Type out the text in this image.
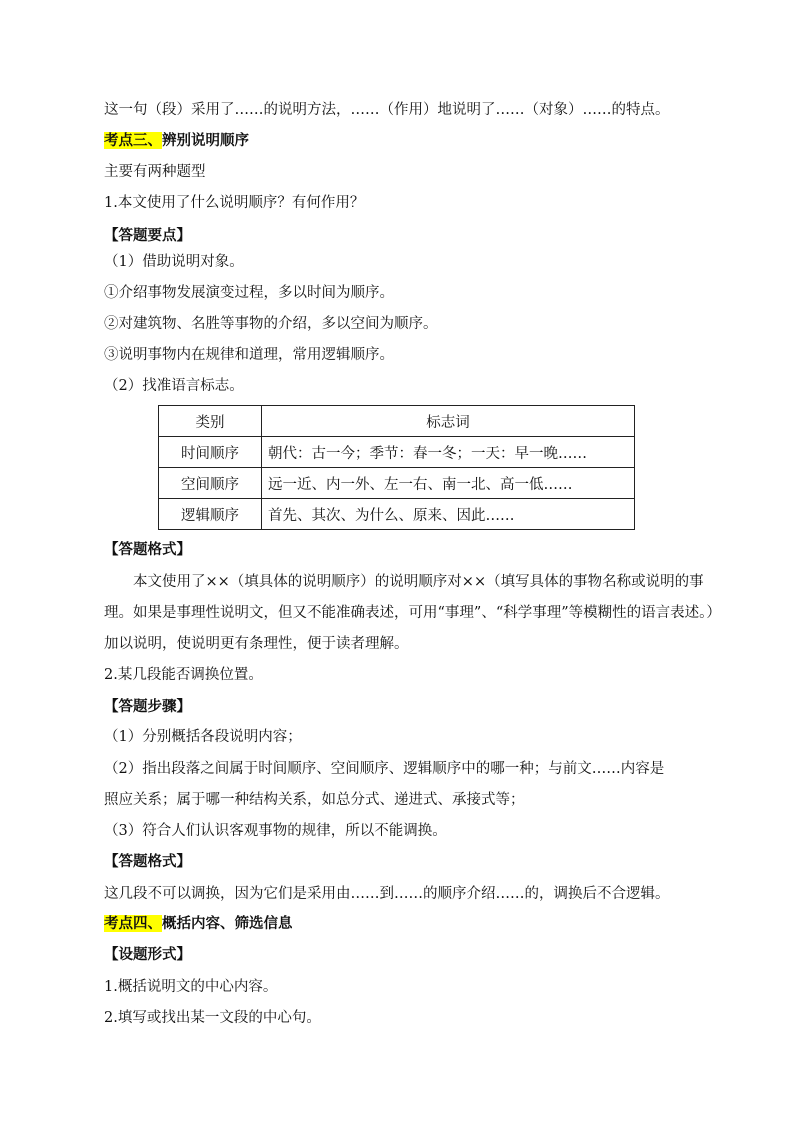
这一句（段）采用了……的说明方法，……（作用）地说明了……（对象）……的特点。
考点三、辨别说明顺序
主要有两种题型
1.本文使用了什么说明顺序？有何作用？
【答题要点】
（1）借助说明对象。
①介绍事物发展演变过程，多以时间为顺序。
②对建筑物、名胜等事物的介绍，多以空间为顺序。
③说明事物内在规律和道理，常用逻辑顺序。
（2）找准语言标志。
类别	标志词
时间顺序	朝代：古一今；季节：春一冬；一天：早一晚……
空间顺序	远一近、内一外、左一右、南一北、高一低……
逻辑顺序	首先、其次、为什么、原来、因此……
【答题格式】
本文使用了××（填具体的说明顺序）的说明顺序对××（填写具体的事物名称或说明的事理。如果是事理性说明文，但又不能准确表述，可用“事理”、“科学事理”等模糊性的语言表述。）加以说明，使说明更有条理性，便于读者理解。
2.某几段能否调换位置。
【答题步骤】
（1）分别概括各段说明内容；
（2）指出段落之间属于时间顺序、空间顺序、逻辑顺序中的哪一种；与前文……内容是
照应关系；属于哪一种结构关系，如总分式、递进式、承接式等；
（3）符合人们认识客观事物的规律，所以不能调换。
【答题格式】
这几段不可以调换，因为它们是采用由……到……的顺序介绍……的，调换后不合逻辑。
考点四、概括内容、筛选信息
【设题形式】
1.概括说明文的中心内容。
2.填写或找出某一文段的中心句。
